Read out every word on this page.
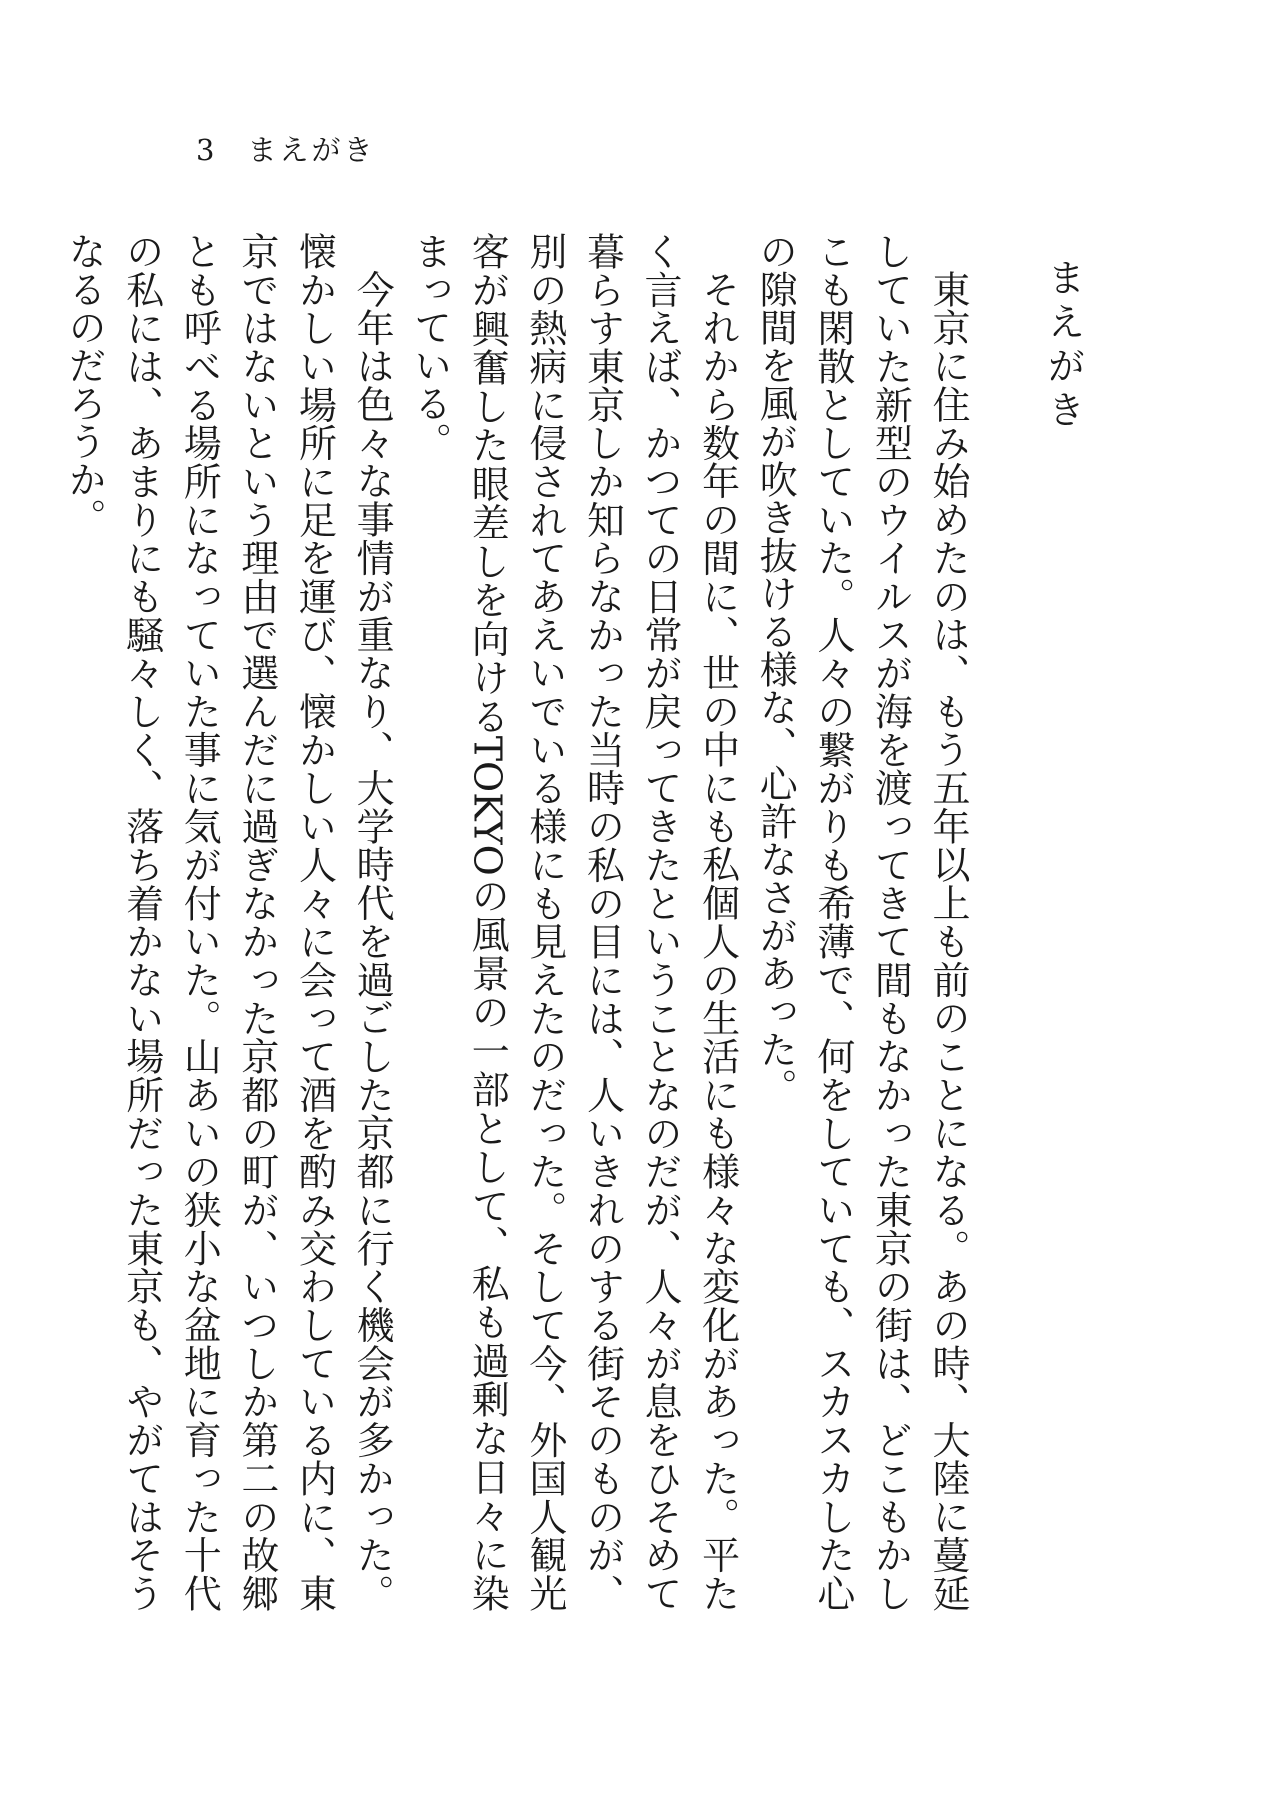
3 まえがき
まえがき

東京に住み始めたのは、もう五年以上も前のことになる。あの時、大陸に蔓延していた新型のウイルスが海を渡ってきて間もなかった東京の街は、どこもかしこも閑散としていた。人々の繋がりも希薄で、何をしていても、スカスカした心の隙間を風が吹き抜ける様な、心許なさがあった。

それから数年の間に、世の中にも私個人の生活にも様々な変化があった。平たく言えば、かつての日常が戻ってきたということなのだが、人々が息をひそめて暮らす東京しか知らなかった当時の私の目には、人いきれのする街そのものが、別の熱病に侵されてあえいでいる様にも見えたのだった。そして今、外国人観光客が興奮した眼差しを向けるTOKYOの風景の一部として、私も過剰な日々に染まっている。

今年は色々な事情が重なり、大学時代を過ごした京都に行く機会が多かった。懐かしい場所に足を運び、懐かしい人々に会って酒を酌み交わしている内に、東京ではないという理由で選んだに過ぎなかった京都の町が、いつしか第二の故郷とも呼べる場所になっていた事に気が付いた。山あいの狭小な盆地に育った十代の私には、あまりにも騒々しく、落ち着かない場所だった東京も、やがてはそうなるのだろうか。
